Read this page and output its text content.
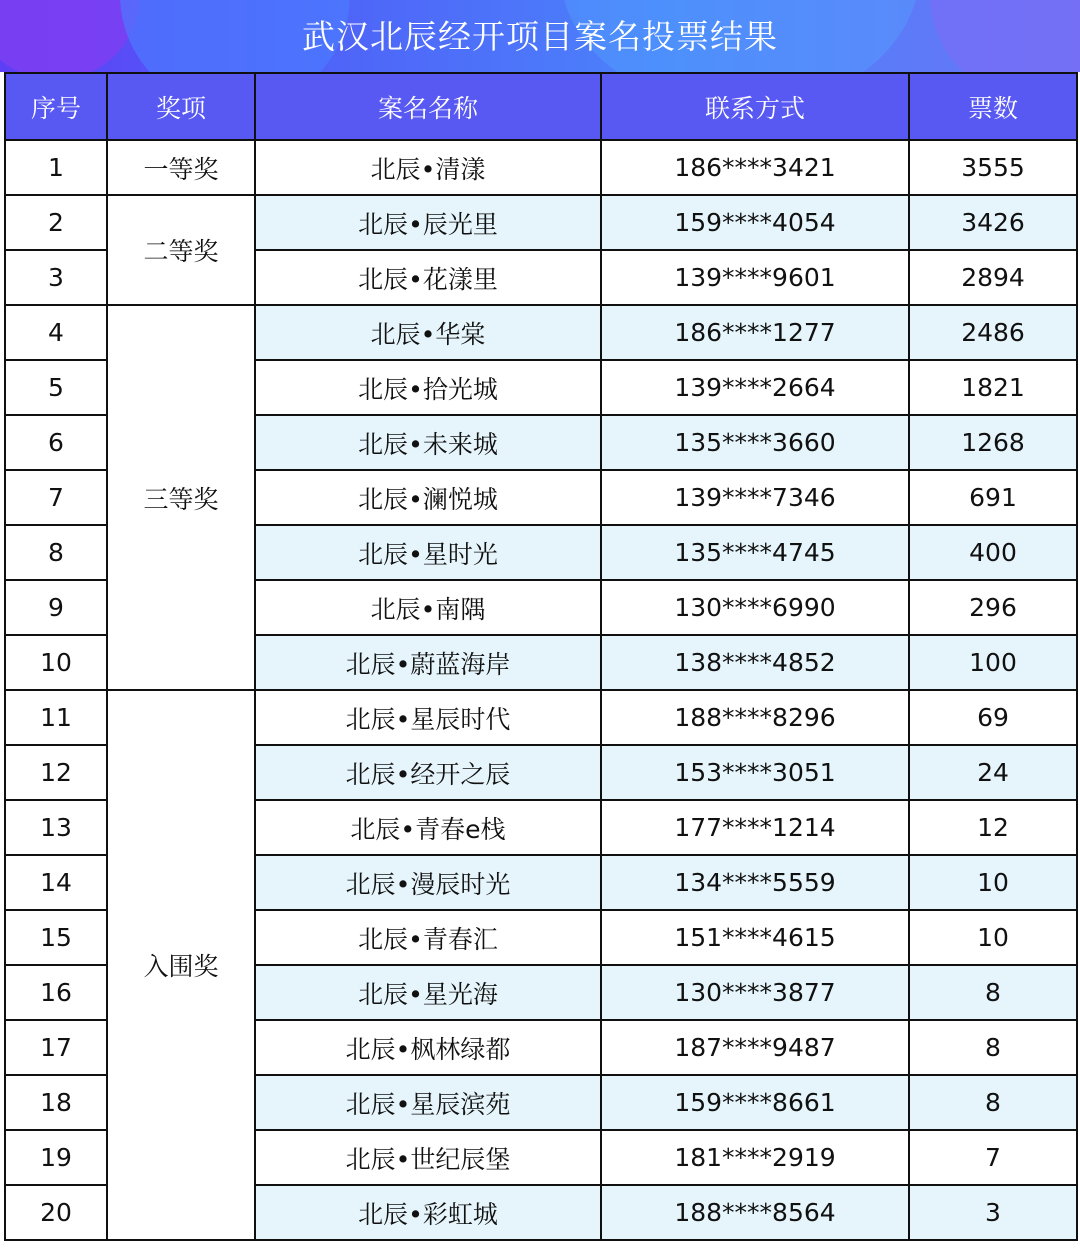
武汉北辰经开项目案名投票结果
序号	奖项	案名名称	联系方式	票数
1	一等奖	北辰•清漾	186****3421	3555
2	二等奖	北辰•辰光里	159****4054	3426
3		北辰•花漾里	139****9601	2894
4	三等奖	北辰•华棠	186****1277	2486
5		北辰•拾光城	139****2664	1821
6		北辰•未来城	135****3660	1268
7		北辰•澜悦城	139****7346	691
8		北辰•星时光	135****4745	400
9		北辰•南隅	130****6990	296
10		北辰•蔚蓝海岸	138****4852	100
11	入围奖	北辰•星辰时代	188****8296	69
12		北辰•经开之辰	153****3051	24
13		北辰•青春e栈	177****1214	12
14		北辰•漫辰时光	134****5559	10
15		北辰•青春汇	151****4615	10
16		北辰•星光海	130****3877	8
17		北辰•枫林绿都	187****9487	8
18		北辰•星辰滨苑	159****8661	8
19		北辰•世纪辰堡	181****2919	7
20		北辰•彩虹城	188****8564	3
